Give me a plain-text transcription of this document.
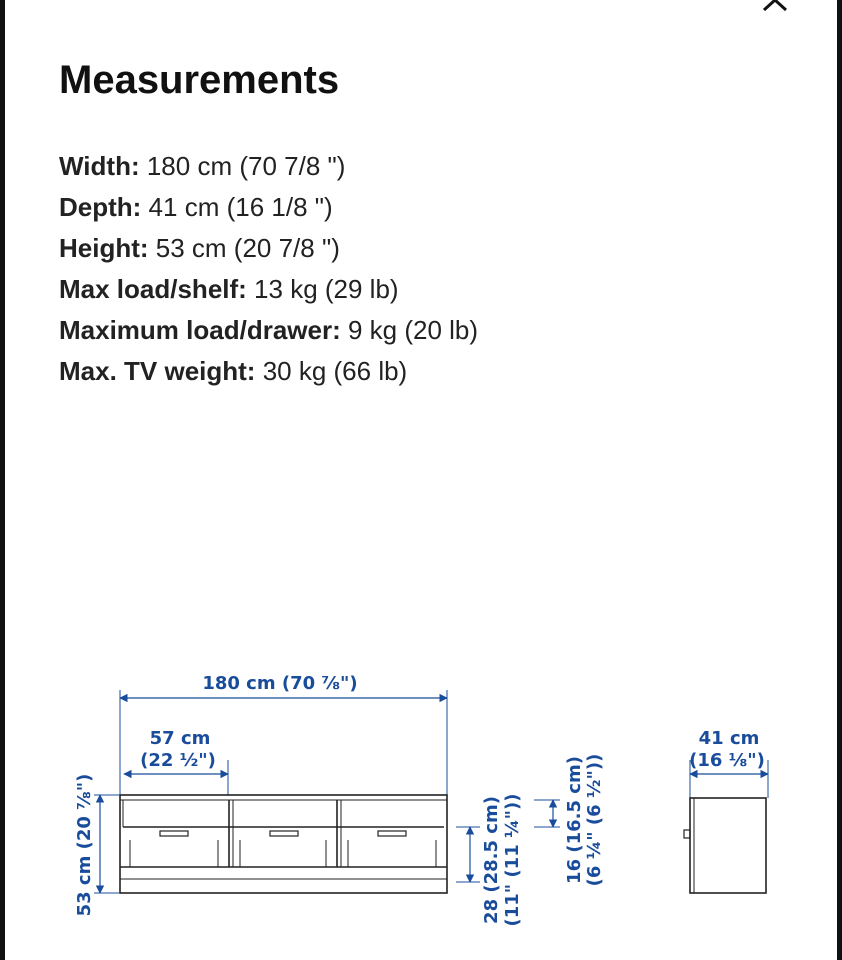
Measurements
Width: 180 cm (70 7/8 ")
Depth: 41 cm (16 1/8 ")
Height: 53 cm (20 7/8 ")
Max load/shelf: 13 kg (29 lb)
Maximum load/drawer: 9 kg (20 lb)
Max. TV weight: 30 kg (66 lb)
180 cm (70 ⅞")
57 cm
(22 ½")
53 cm (20 ⅞")	28 (28.5 cm) (11" (11 ¼")) 16 (16.5 cm) (6 ¼" (6 ½"))
41 cm
(16 ⅛")
